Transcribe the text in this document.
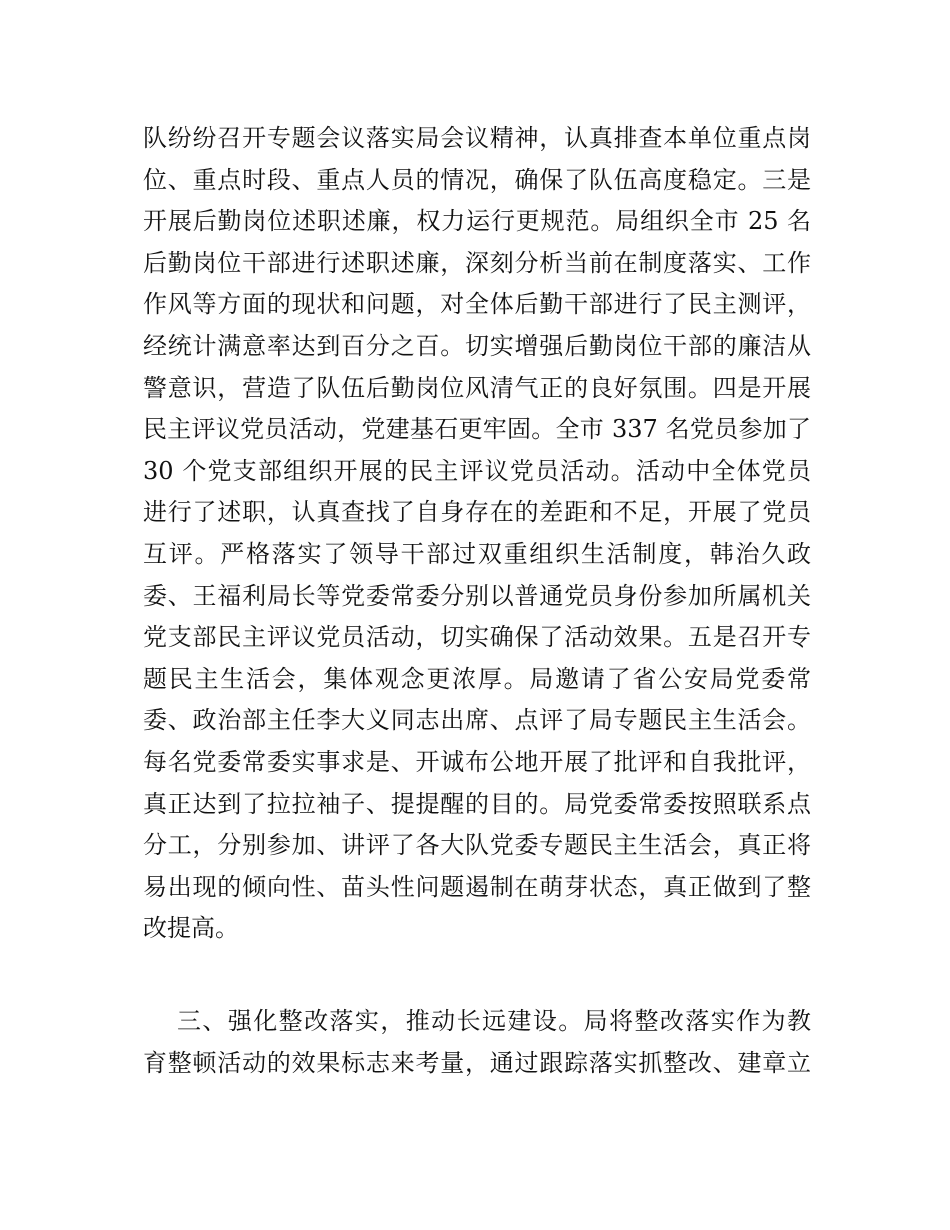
队纷纷召开专题会议落实局会议精神，认真排查本单位重点岗
位、重点时段、重点人员的情况，确保了队伍高度稳定。三是
开展后勤岗位述职述廉，权力运行更规范。局组织全市 25 名
后勤岗位干部进行述职述廉，深刻分析当前在制度落实、工作
作风等方面的现状和问题，对全体后勤干部进行了民主测评，
经统计满意率达到百分之百。切实增强后勤岗位干部的廉洁从
警意识，营造了队伍后勤岗位风清气正的良好氛围。四是开展
民主评议党员活动，党建基石更牢固。全市 337 名党员参加了
30 个党支部组织开展的民主评议党员活动。活动中全体党员
进行了述职，认真查找了自身存在的差距和不足，开展了党员
互评。严格落实了领导干部过双重组织生活制度，韩治久政
委、王福利局长等党委常委分别以普通党员身份参加所属机关
党支部民主评议党员活动，切实确保了活动效果。五是召开专
题民主生活会，集体观念更浓厚。局邀请了省公安局党委常
委、政治部主任李大义同志出席、点评了局专题民主生活会。
每名党委常委实事求是、开诚布公地开展了批评和自我批评，
真正达到了拉拉袖子、提提醒的目的。局党委常委按照联系点
分工，分别参加、讲评了各大队党委专题民主生活会，真正将
易出现的倾向性、苗头性问题遏制在萌芽状态，真正做到了整
改提高。
三、强化整改落实，推动长远建设。局将整改落实作为教
育整顿活动的效果标志来考量，通过跟踪落实抓整改、建章立
